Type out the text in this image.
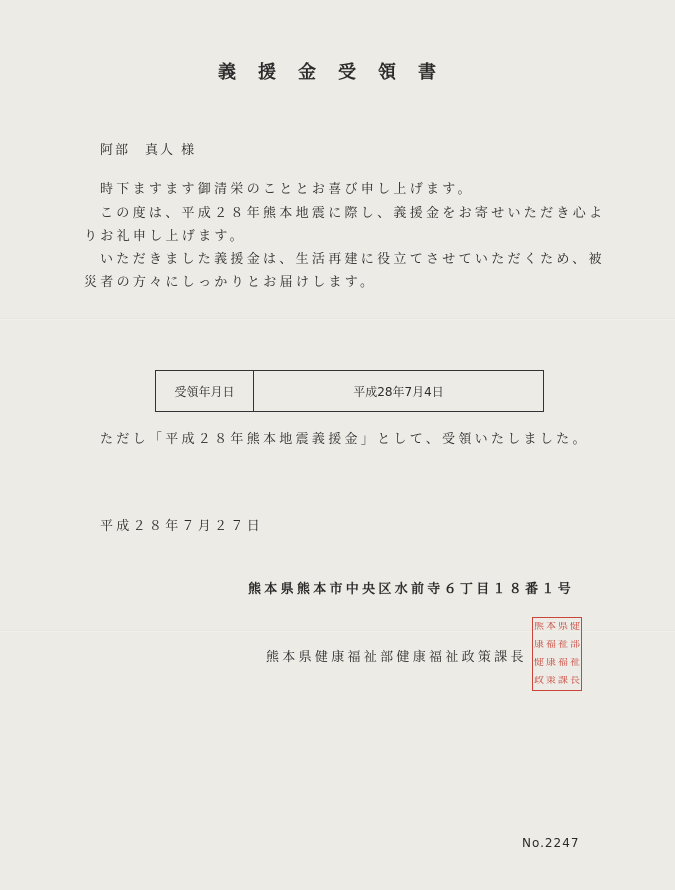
義援金受領書
阿部　真人 様
時下ますます御清栄のこととお喜び申し上げます。
この度は、平成２８年熊本地震に際し、義援金をお寄せいただき心よ
りお礼申し上げます。
いただきました義援金は、生活再建に役立てさせていただくため、被
災者の方々にしっかりとお届けします。
受領年月日	平成28年7月4日
ただし「平成２８年熊本地震義援金」として、受領いたしました。
平成２８年７月２７日
熊本県熊本市中央区水前寺６丁目１８番１号
熊本県健康福祉部健康福祉政策課長
熊 本 県 健
康 福 祉 部
健 康 福 祉
政 策 課 長
No.2247
